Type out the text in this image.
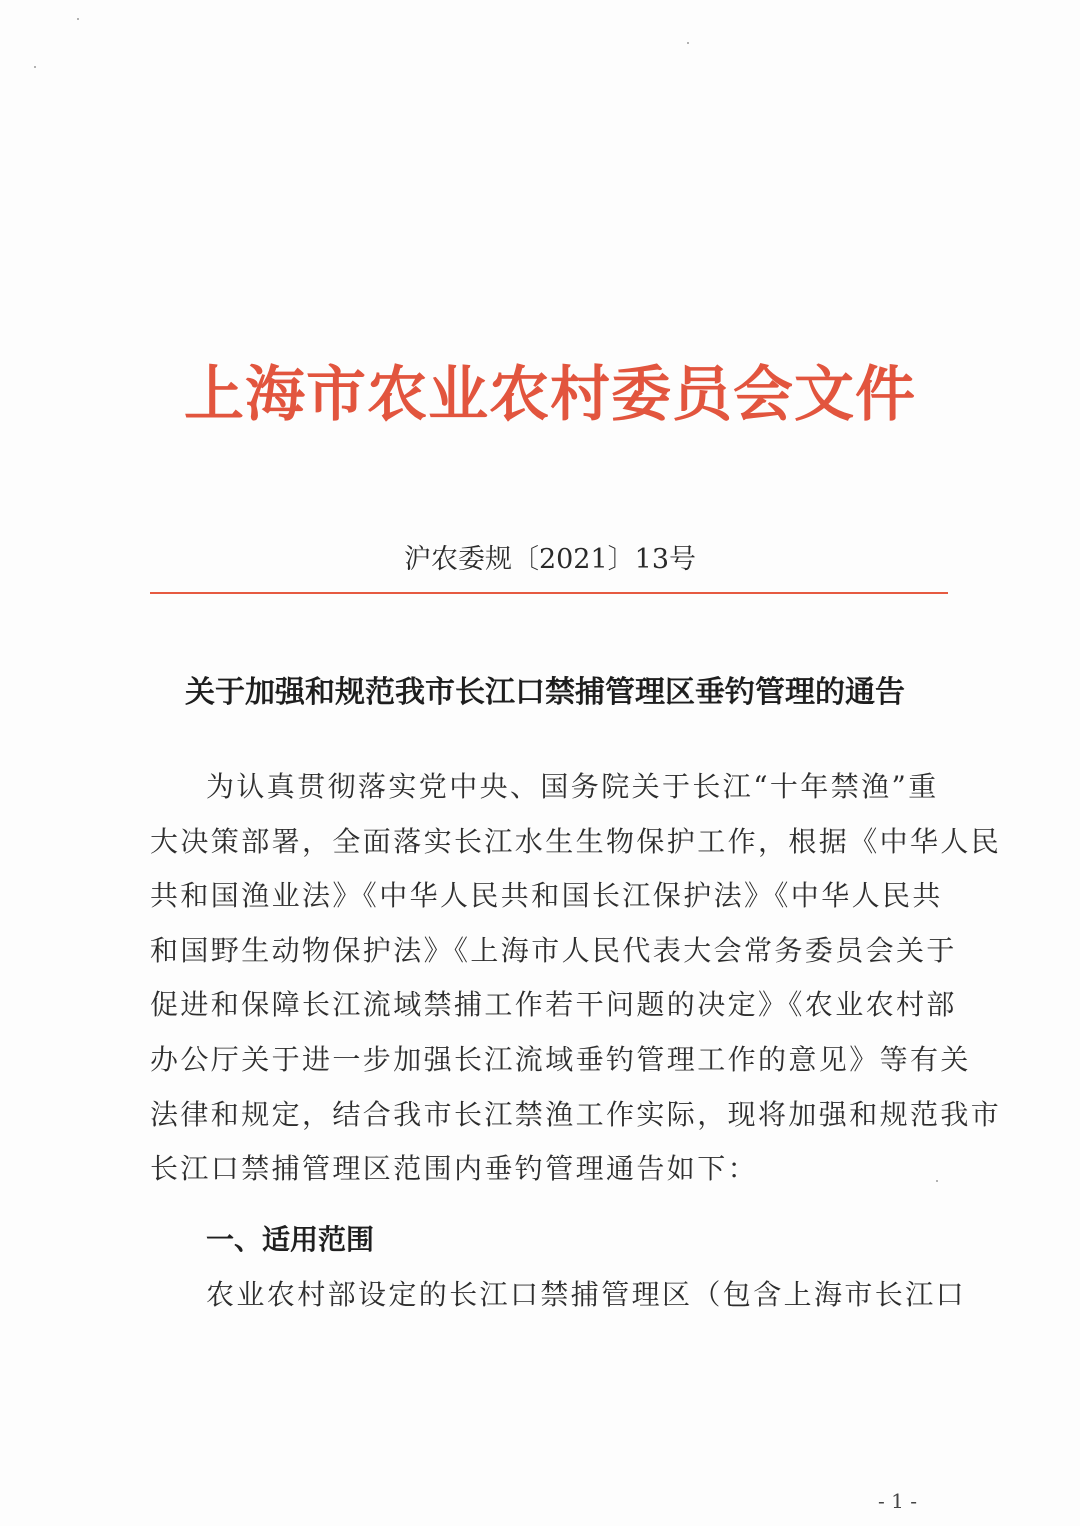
上海市农业农村委员会文件
沪农委规〔2021〕13号
关于加强和规范我市长江口禁捕管理区垂钓管理的通告
为认真贯彻落实党中央、国务院关于长江“十年禁渔”重
大决策部署，全面落实长江水生生物保护工作，根据《中华人民
共和国渔业法》《中华人民共和国长江保护法》《中华人民共
和国野生动物保护法》《上海市人民代表大会常务委员会关于
促进和保障长江流域禁捕工作若干问题的决定》《农业农村部
办公厅关于进一步加强长江流域垂钓管理工作的意见》等有关
法律和规定，结合我市长江禁渔工作实际，现将加强和规范我市
长江口禁捕管理区范围内垂钓管理通告如下：
一、适用范围
农业农村部设定的长江口禁捕管理区（包含上海市长江口
- 1 -
